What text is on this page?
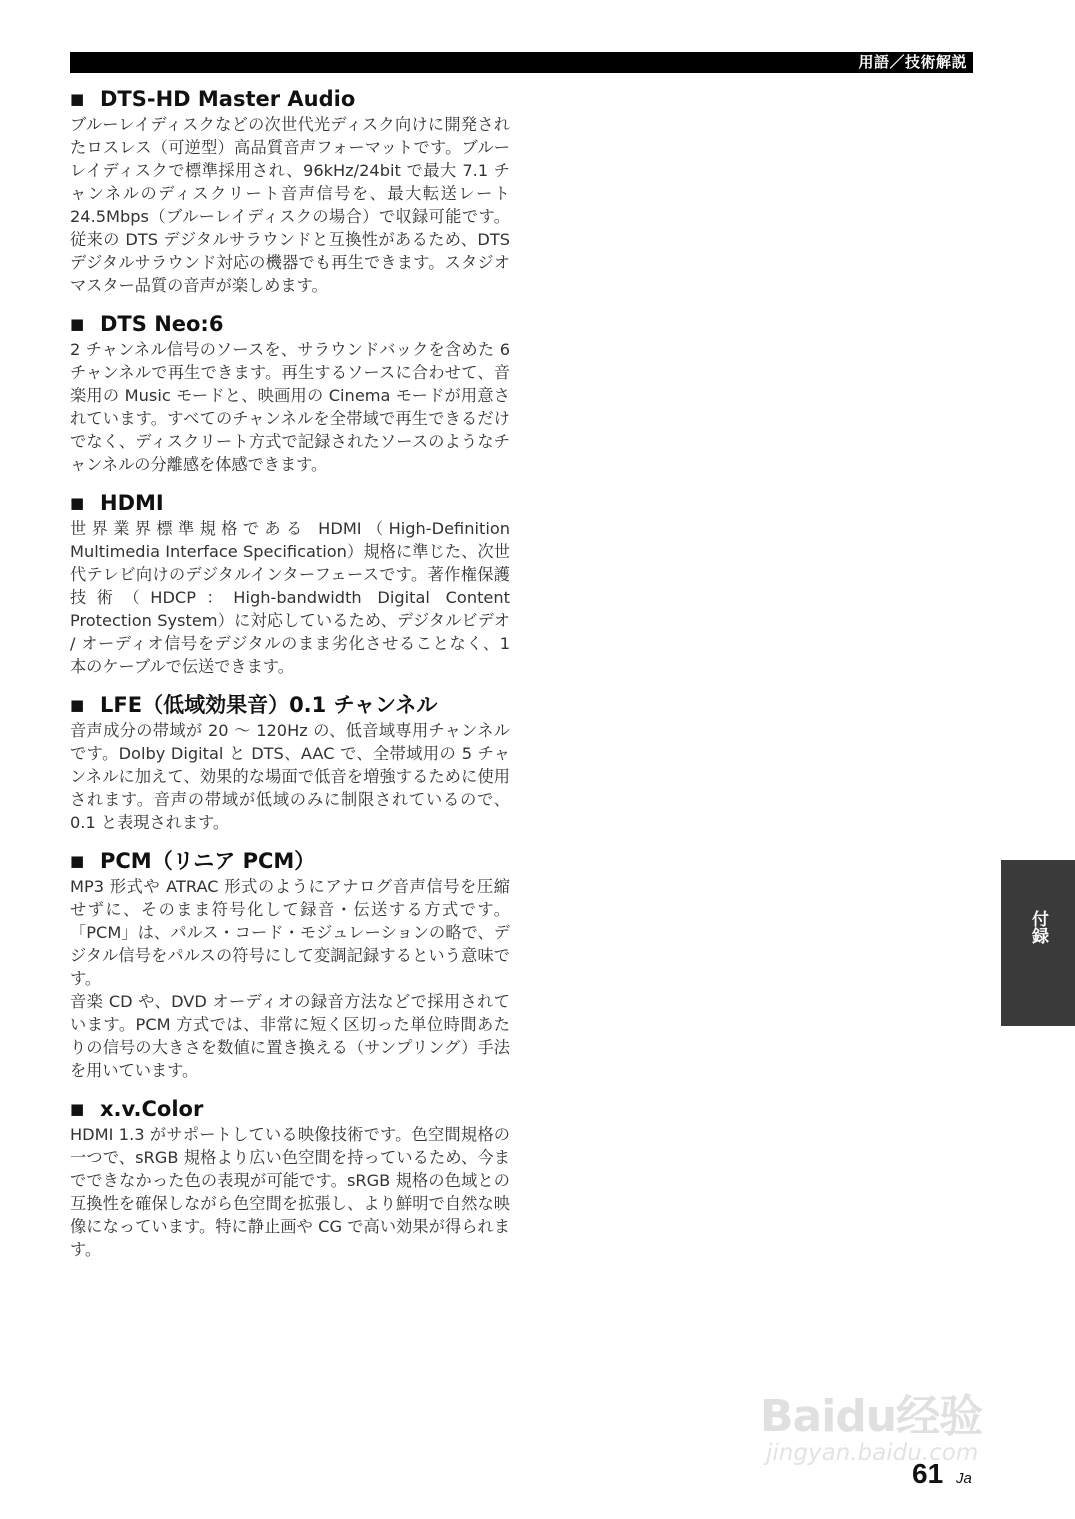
用語／技術解説
■ DTS-HD Master Audio

ブルーレイディスクなどの次世代光ディスク向けに開発されたロスレス（可逆型）高品質音声フォーマットです。ブルーレイディスクで標準採用され、96kHz/24bit で最大 7.1 チャンネルのディスクリート音声信号を、最大転送レート 24.5Mbps（ブルーレイディスクの場合）で収録可能です。従来の DTS デジタルサラウンドと互換性があるため、DTS デジタルサラウンド対応の機器でも再生できます。スタジオマスター品質の音声が楽しめます。

■ DTS Neo:6

2 チャンネル信号のソースを、サラウンドバックを含めた 6 チャンネルで再生できます。再生するソースに合わせて、音楽用の Music モードと、映画用の Cinema モードが用意されています。すべてのチャンネルを全帯域で再生できるだけでなく、ディスクリート方式で記録されたソースのようなチャンネルの分離感を体感できます。

■ HDMI

世界業界標準規格である HDMI（High-Definition Multimedia Interface Specification）規格に準じた、次世代テレビ向けのデジタルインターフェースです。著作権保護技術（HDCP：High-bandwidth Digital Content Protection System）に対応しているため、デジタルビデオ / オーディオ信号をデジタルのまま劣化させることなく、1 本のケーブルで伝送できます。

■ LFE（低域効果音）0.1 チャンネル

音声成分の帯域が 20 ～ 120Hz の、低音域専用チャンネルです。Dolby Digital と DTS、AAC で、全帯域用の 5 チャンネルに加えて、効果的な場面で低音を増強するために使用されます。音声の帯域が低域のみに制限されているので、0.1 と表現されます。

■ PCM（リニア PCM）

MP3 形式や ATRAC 形式のようにアナログ音声信号を圧縮せずに、そのまま符号化して録音・伝送する方式です。「PCM」は、パルス・コード・モジュレーションの略で、デジタル信号をパルスの符号にして変調記録するという意味です。

音楽 CD や、DVD オーディオの録音方法などで採用されています。PCM 方式では、非常に短く区切った単位時間あたりの信号の大きさを数値に置き換える（サンプリング）手法を用いています。

■ x.v.Color

HDMI 1.3 がサポートしている映像技術です。色空間規格の一つで、sRGB 規格より広い色空間を持っているため、今までできなかった色の表現が可能です。sRGB 規格の色域との互換性を確保しながら色空間を拡張し、より鮮明で自然な映像になっています。特に静止画や CG で高い効果が得られます。

付録
Baidu经验
jingyan.baidu.com
61 Ja
